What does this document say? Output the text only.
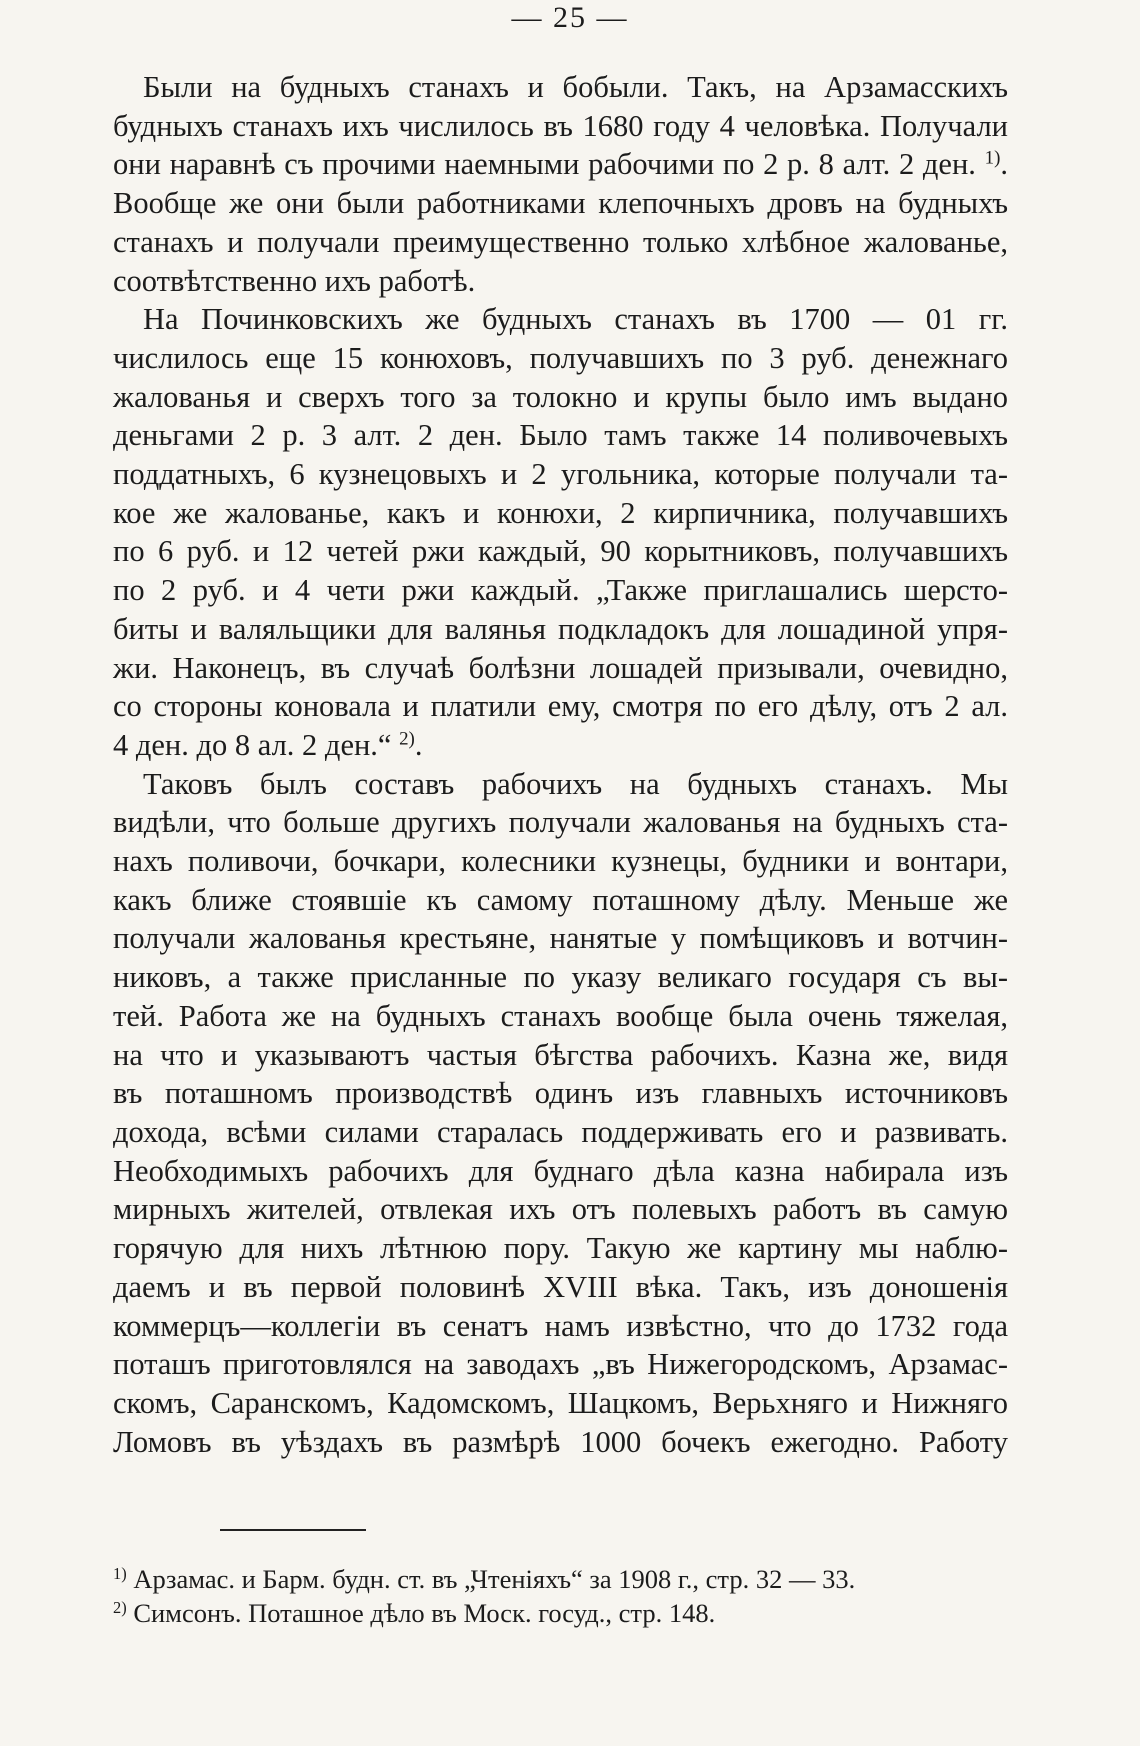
— 25 —

Были на будныхъ станахъ и бобыли. Такъ, на Арзамасскихъ
будныхъ станахъ ихъ числилось въ 1680 году 4 человѣка. Получали
они наравнѣ съ прочими наемными рабочими по 2 р. 8 алт. 2 ден. $^{1)}$.
Вообще же они были работниками клепочныхъ дровъ на будныхъ
станахъ и получали преимущественно только хлѣбное жалованье,
соотвѣтственно ихъ работѣ.

На Починковскихъ же будныхъ станахъ въ 1700 — 01 гг.
числилось еще 15 конюховъ, получавшихъ по 3 руб. денежнаго
жалованья и сверхъ того за толокно и крупы было имъ выдано
деньгами 2 р. 3 алт. 2 ден. Было тамъ также 14 поливочевыхъ
поддатныхъ, 6 кузнецовыхъ и 2 угольника, которые получали та-
кое же жалованье, какъ и конюхи, 2 кирпичника, получавшихъ
по 6 руб. и 12 четей ржи каждый, 90 корытниковъ, получавшихъ
по 2 руб. и 4 чети ржи каждый. „Также приглашались шерсто-
биты и валяльщики для валянья подкладокъ для лошадиной упря-
жи. Наконецъ, въ случаѣ болѣзни лошадей призывали, очевидно,
со стороны коновала и платили ему, смотря по его дѣлу, отъ 2 ал.
4 ден. до 8 ал. 2 ден.“ $^{2)}$.

Таковъ былъ составъ рабочихъ на будныхъ станахъ. Мы
видѣли, что больше другихъ получали жалованья на будныхъ ста-
нахъ поливочи, бочкари, колесники кузнецы, будники и вонтари,
какъ ближе стоявшіе къ самому поташному дѣлу. Меньше же
получали жалованья крестьяне, нанятые у помѣщиковъ и вотчин-
никовъ, а также присланные по указу великаго государя съ вы-
тей. Работа же на будныхъ станахъ вообще была очень тяжелая,
на что и указываютъ частыя бѣгства рабочихъ. Казна же, видя
въ поташномъ производствѣ одинъ изъ главныхъ источниковъ
дохода, всѣми силами старалась поддерживать его и развивать.
Необходимыхъ рабочихъ для буднаго дѣла казна набирала изъ
мирныхъ жителей, отвлекая ихъ отъ полевыхъ работъ въ самую
горячую для нихъ лѣтнюю пору. Такую же картину мы наблю-
даемъ и въ первой половинѣ XVIII вѣка. Такъ, изъ доношенія
коммерцъ—коллегіи въ сенатъ намъ извѣстно, что до 1732 года
поташъ приготовлялся на заводахъ „въ Нижегородскомъ, Арзамас-
скомъ, Саранскомъ, Кадомскомъ, Шацкомъ, Верьхняго и Нижняго
Ломовъ въ уѣздахъ въ размѣрѣ 1000 бочекъ ежегодно. Работу

$^{1)}$ Арзамас. и Барм. будн. ст. въ „Чтеніяхъ“ за 1908 г., стр. 32 — 33.
$^{2)}$ Симсонъ. Поташное дѣло въ Моск. госуд., стр. 148.
